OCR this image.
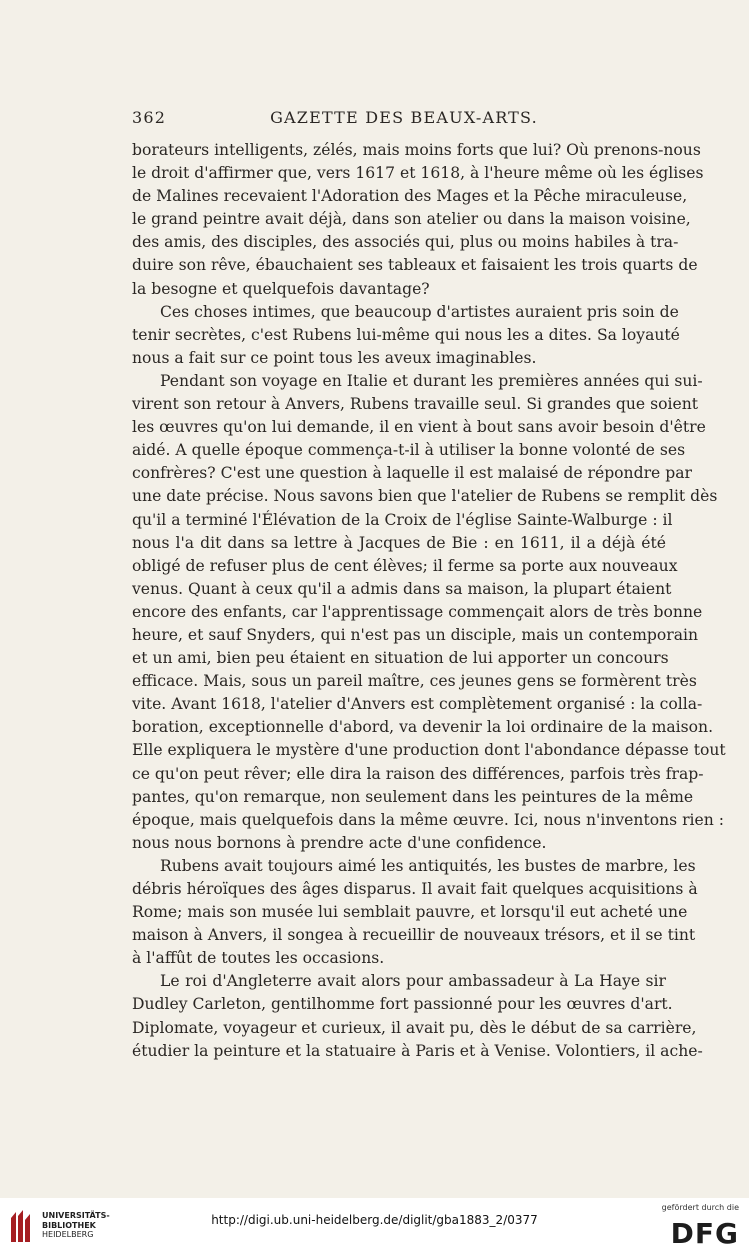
362	GAZETTE DES BEAUX-ARTS.
borateurs intelligents, zélés, mais moins forts que lui? Où prenons-nous
le droit d'affirmer que, vers 1617 et 1618, à l'heure même où les églises
de Malines recevaient l'Adoration des Mages et la Pêche miraculeuse,
le grand peintre avait déjà, dans son atelier ou dans la maison voisine,
des amis, des disciples, des associés qui, plus ou moins habiles à tra-
duire son rêve, ébauchaient ses tableaux et faisaient les trois quarts de
la besogne et quelquefois davantage?
Ces choses intimes, que beaucoup d'artistes auraient pris soin de
tenir secrètes, c'est Rubens lui-même qui nous les a dites. Sa loyauté
nous a fait sur ce point tous les aveux imaginables.
Pendant son voyage en Italie et durant les premières années qui sui-
virent son retour à Anvers, Rubens travaille seul. Si grandes que soient
les œuvres qu'on lui demande, il en vient à bout sans avoir besoin d'être
aidé. A quelle époque commença-t-il à utiliser la bonne volonté de ses
confrères? C'est une question à laquelle il est malaisé de répondre par
une date précise. Nous savons bien que l'atelier de Rubens se remplit dès
qu'il a terminé l'Élévation de la Croix de l'église Sainte-Walburge : il
nous l'a dit dans sa lettre à Jacques de Bie : en 1611, il a déjà été
obligé de refuser plus de cent élèves; il ferme sa porte aux nouveaux
venus. Quant à ceux qu'il a admis dans sa maison, la plupart étaient
encore des enfants, car l'apprentissage commençait alors de très bonne
heure, et sauf Snyders, qui n'est pas un disciple, mais un contemporain
et un ami, bien peu étaient en situation de lui apporter un concours
efficace. Mais, sous un pareil maître, ces jeunes gens se formèrent très
vite. Avant 1618, l'atelier d'Anvers est complètement organisé : la colla-
boration, exceptionnelle d'abord, va devenir la loi ordinaire de la maison.
Elle expliquera le mystère d'une production dont l'abondance dépasse tout
ce qu'on peut rêver; elle dira la raison des différences, parfois très frap-
pantes, qu'on remarque, non seulement dans les peintures de la même
époque, mais quelquefois dans la même œuvre. Ici, nous n'inventons rien :
nous nous bornons à prendre acte d'une confidence.
Rubens avait toujours aimé les antiquités, les bustes de marbre, les
débris héroïques des âges disparus. Il avait fait quelques acquisitions à
Rome; mais son musée lui semblait pauvre, et lorsqu'il eut acheté une
maison à Anvers, il songea à recueillir de nouveaux trésors, et il se tint
à l'affût de toutes les occasions.
Le roi d'Angleterre avait alors pour ambassadeur à La Haye sir
Dudley Carleton, gentilhomme fort passionné pour les œuvres d'art.
Diplomate, voyageur et curieux, il avait pu, dès le début de sa carrière,
étudier la peinture et la statuaire à Paris et à Venise. Volontiers, il ache-
UNIVERSITÄTS-
BIBLIOTHEK
HEIDELBERG
http://digi.ub.uni-heidelberg.de/diglit/gba1883_2/0377
gefördert durch die
DFG
